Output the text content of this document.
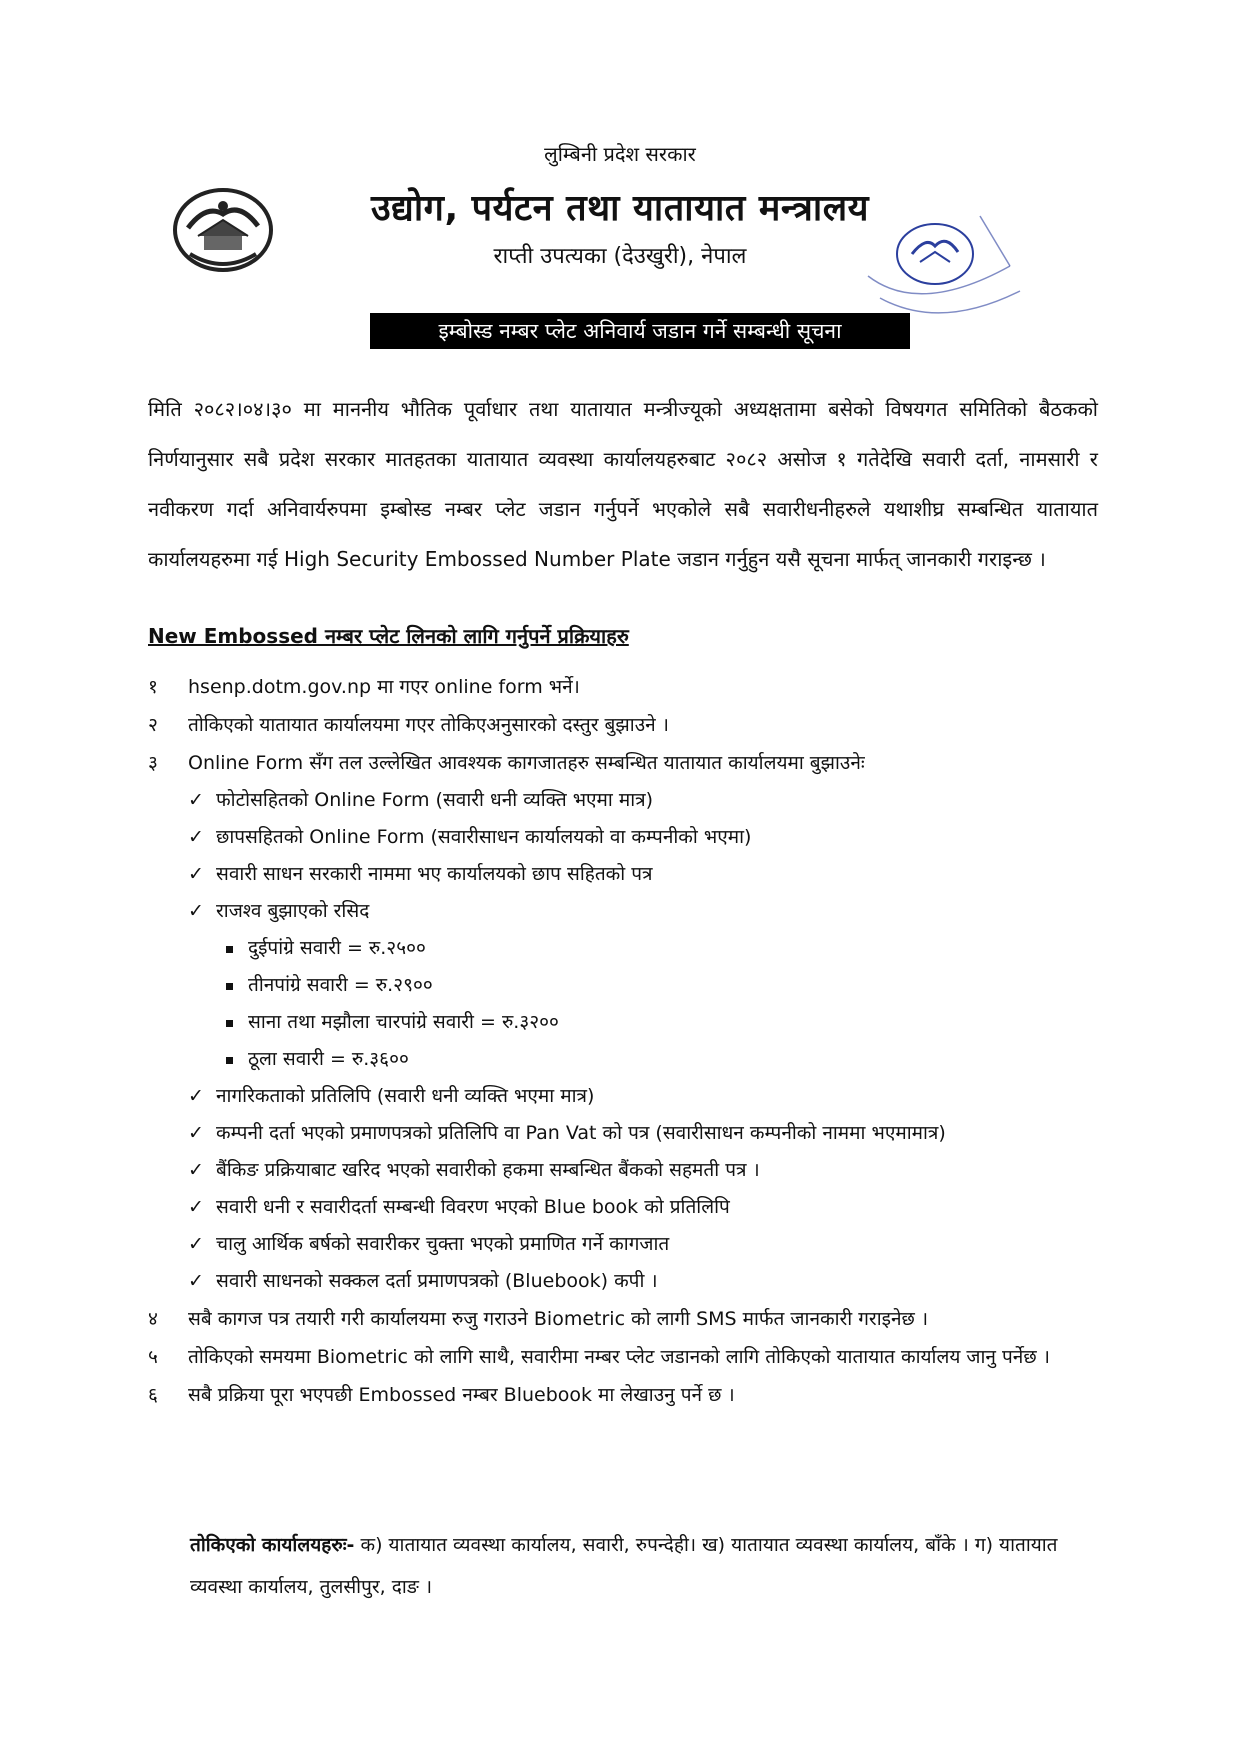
लुम्बिनी प्रदेश सरकार
उद्योग, पर्यटन तथा यातायात मन्त्रालय
राप्ती उपत्यका (देउखुरी), नेपाल
इम्बोस्ड नम्बर प्लेट अनिवार्य जडान गर्ने सम्बन्धी सूचना
मिति २०८२।०४।३० मा माननीय भौतिक पूर्वाधार तथा यातायात मन्त्रीज्यूको अध्यक्षतामा बसेको विषयगत समितिको बैठकको निर्णयानुसार सबै प्रदेश सरकार मातहतका यातायात व्यवस्था कार्यालयहरुबाट २०८२ असोज १ गतेदेखि सवारी दर्ता, नामसारी र नवीकरण गर्दा अनिवार्यरुपमा इम्बोस्ड नम्बर प्लेट जडान गर्नुपर्ने भएकोले सबै सवारीधनीहरुले यथाशीघ्र सम्बन्धित यातायात कार्यालयहरुमा गई High Security Embossed Number Plate जडान गर्नुहुन यसै सूचना मार्फत् जानकारी गराइन्छ ।
New Embossed नम्बर प्लेट लिनको लागि गर्नुपर्ने प्रक्रियाहरु
१	hsenp.dotm.gov.np मा गएर online form भर्ने।
२	तोकिएको यातायात कार्यालयमा गएर तोकिएअनुसारको दस्तुर बुझाउने ।
३	Online Form सँग तल उल्लेखित आवश्यक कागजातहरु सम्बन्धित यातायात कार्यालयमा बुझाउनेः
✓ फोटोसहितको Online Form (सवारी धनी व्यक्ति भएमा मात्र)
✓ छापसहितको Online Form (सवारीसाधन कार्यालयको वा कम्पनीको भएमा)
✓ सवारी साधन सरकारी नाममा भए कार्यालयको छाप सहितको पत्र
✓ राजश्व बुझाएको रसिद
दुईपांग्रे सवारी = रु.२५००
तीनपांग्रे सवारी = रु.२९००
साना तथा मझौला चारपांग्रे सवारी = रु.३२००
ठूला सवारी = रु.३६००
✓ नागरिकताको प्रतिलिपि (सवारी धनी व्यक्ति भएमा मात्र)
✓ कम्पनी दर्ता भएको प्रमाणपत्रको प्रतिलिपि वा Pan Vat को पत्र (सवारीसाधन कम्पनीको नाममा भएमामात्र)
✓ बैंकिङ प्रक्रियाबाट खरिद भएको सवारीको हकमा सम्बन्धित बैंकको सहमती पत्र ।
✓ सवारी धनी र सवारीदर्ता सम्बन्धी विवरण भएको Blue book को प्रतिलिपि
✓ चालु आर्थिक बर्षको सवारीकर चुक्ता भएको प्रमाणित गर्ने कागजात
✓ सवारी साधनको सक्कल दर्ता प्रमाणपत्रको (Bluebook) कपी ।
४	सबै कागज पत्र तयारी गरी कार्यालयमा रुजु गराउने Biometric को लागी SMS मार्फत जानकारी गराइनेछ ।
५	तोकिएको समयमा Biometric को लागि साथै, सवारीमा नम्बर प्लेट जडानको लागि तोकिएको यातायात कार्यालय जानु पर्नेछ ।
६	सबै प्रक्रिया पूरा भएपछी Embossed नम्बर Bluebook मा लेखाउनु पर्ने छ ।
तोकिएको कार्यालयहरुः- क) यातायात व्यवस्था कार्यालय, सवारी, रुपन्देही। ख) यातायात व्यवस्था कार्यालय, बाँके । ग) यातायात व्यवस्था कार्यालय, तुलसीपुर, दाङ ।
